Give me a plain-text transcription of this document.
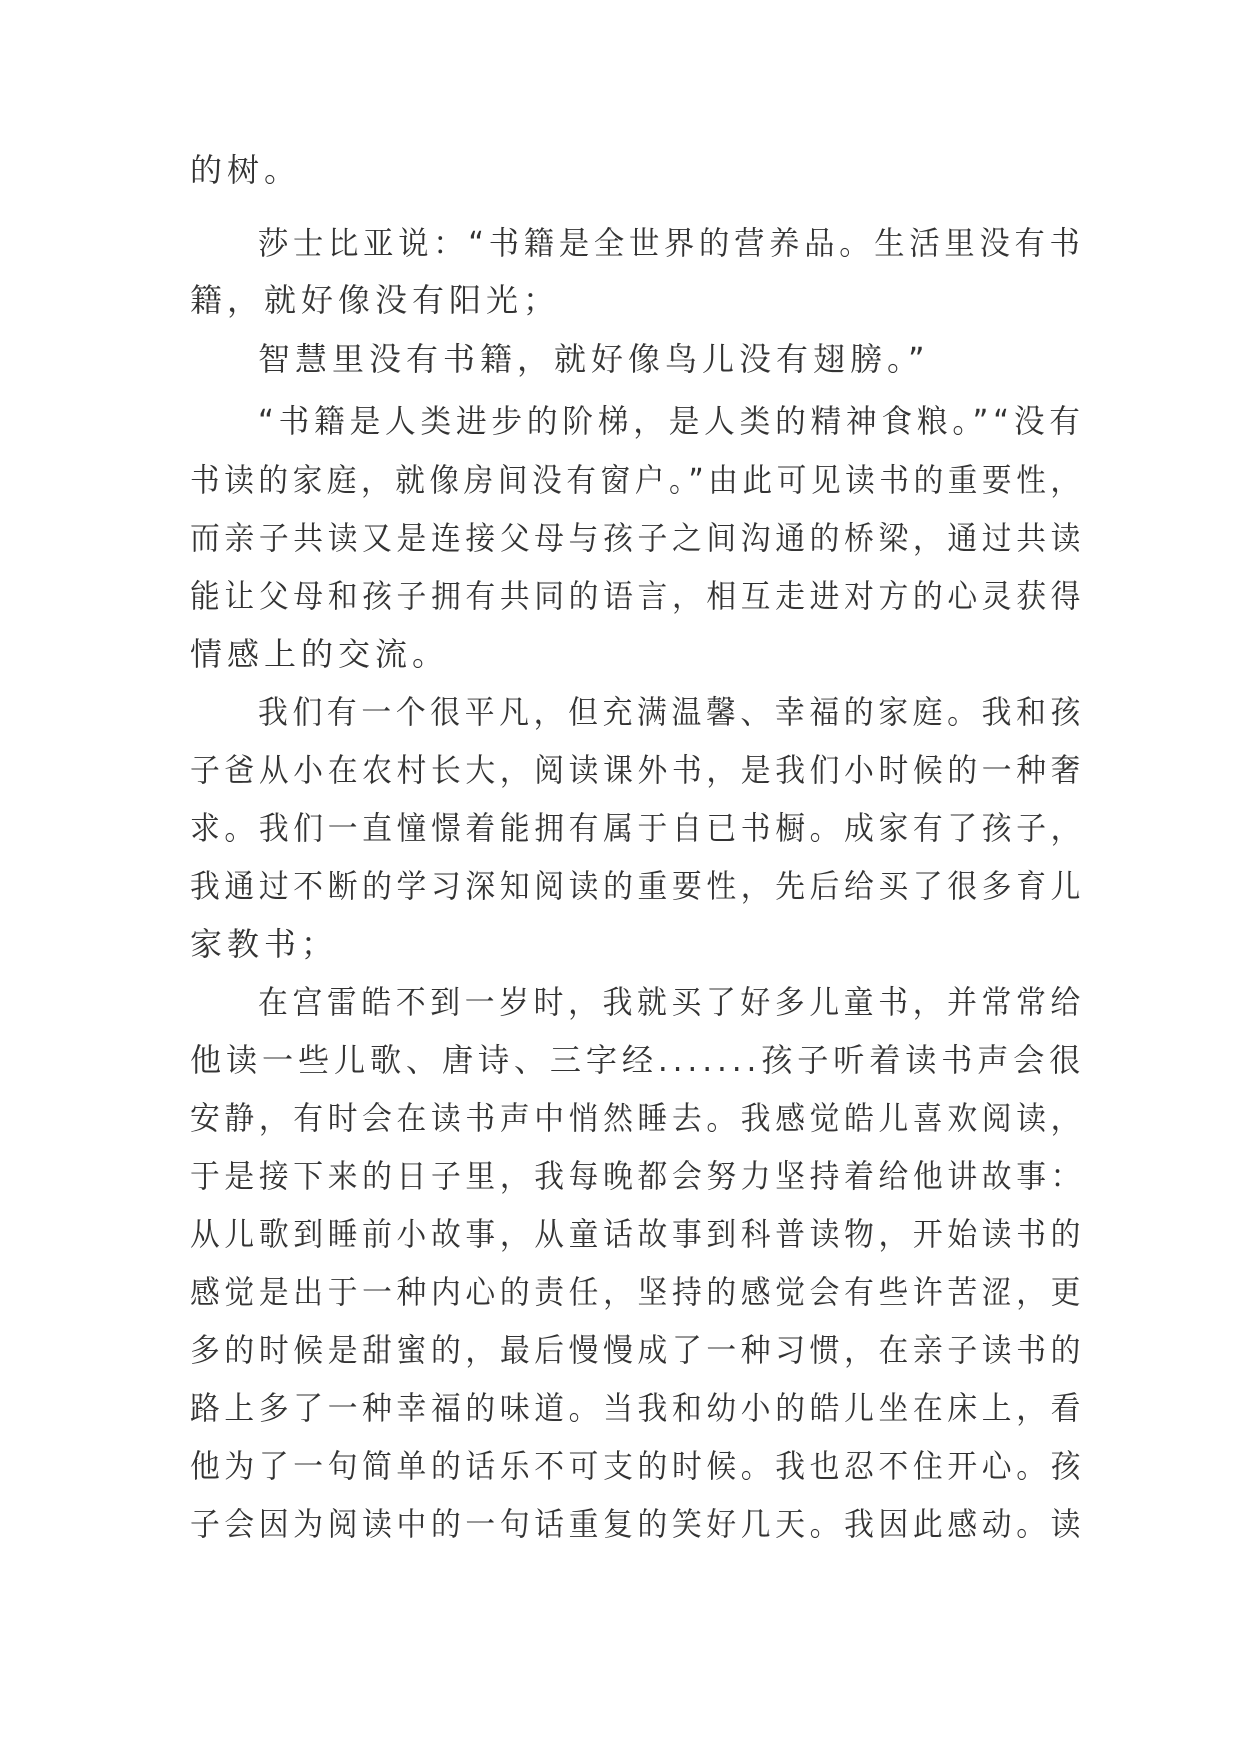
的树。
莎士比亚说：“书籍是全世界的营养品。生活里没有书
籍，就好像没有阳光；
智慧里没有书籍，就好像鸟儿没有翅膀。”
“书籍是人类进步的阶梯，是人类的精神食粮。”“没有
书读的家庭，就像房间没有窗户。”由此可见读书的重要性，
而亲子共读又是连接父母与孩子之间沟通的桥梁，通过共读
能让父母和孩子拥有共同的语言，相互走进对方的心灵获得
情感上的交流。
我们有一个很平凡，但充满温馨、幸福的家庭。我和孩
子爸从小在农村长大，阅读课外书，是我们小时候的一种奢
求。我们一直憧憬着能拥有属于自已书橱。成家有了孩子，
我通过不断的学习深知阅读的重要性，先后给买了很多育儿
家教书；
在宫雷皓不到一岁时，我就买了好多儿童书，并常常给
他读一些儿歌、唐诗、三字经.......孩子听着读书声会很
安静，有时会在读书声中悄然睡去。我感觉皓儿喜欢阅读，
于是接下来的日子里，我每晚都会努力坚持着给他讲故事：
从儿歌到睡前小故事，从童话故事到科普读物，开始读书的
感觉是出于一种内心的责任，坚持的感觉会有些许苦涩，更
多的时候是甜蜜的，最后慢慢成了一种习惯，在亲子读书的
路上多了一种幸福的味道。当我和幼小的皓儿坐在床上，看
他为了一句简单的话乐不可支的时候。我也忍不住开心。孩
子会因为阅读中的一句话重复的笑好几天。我因此感动。读
